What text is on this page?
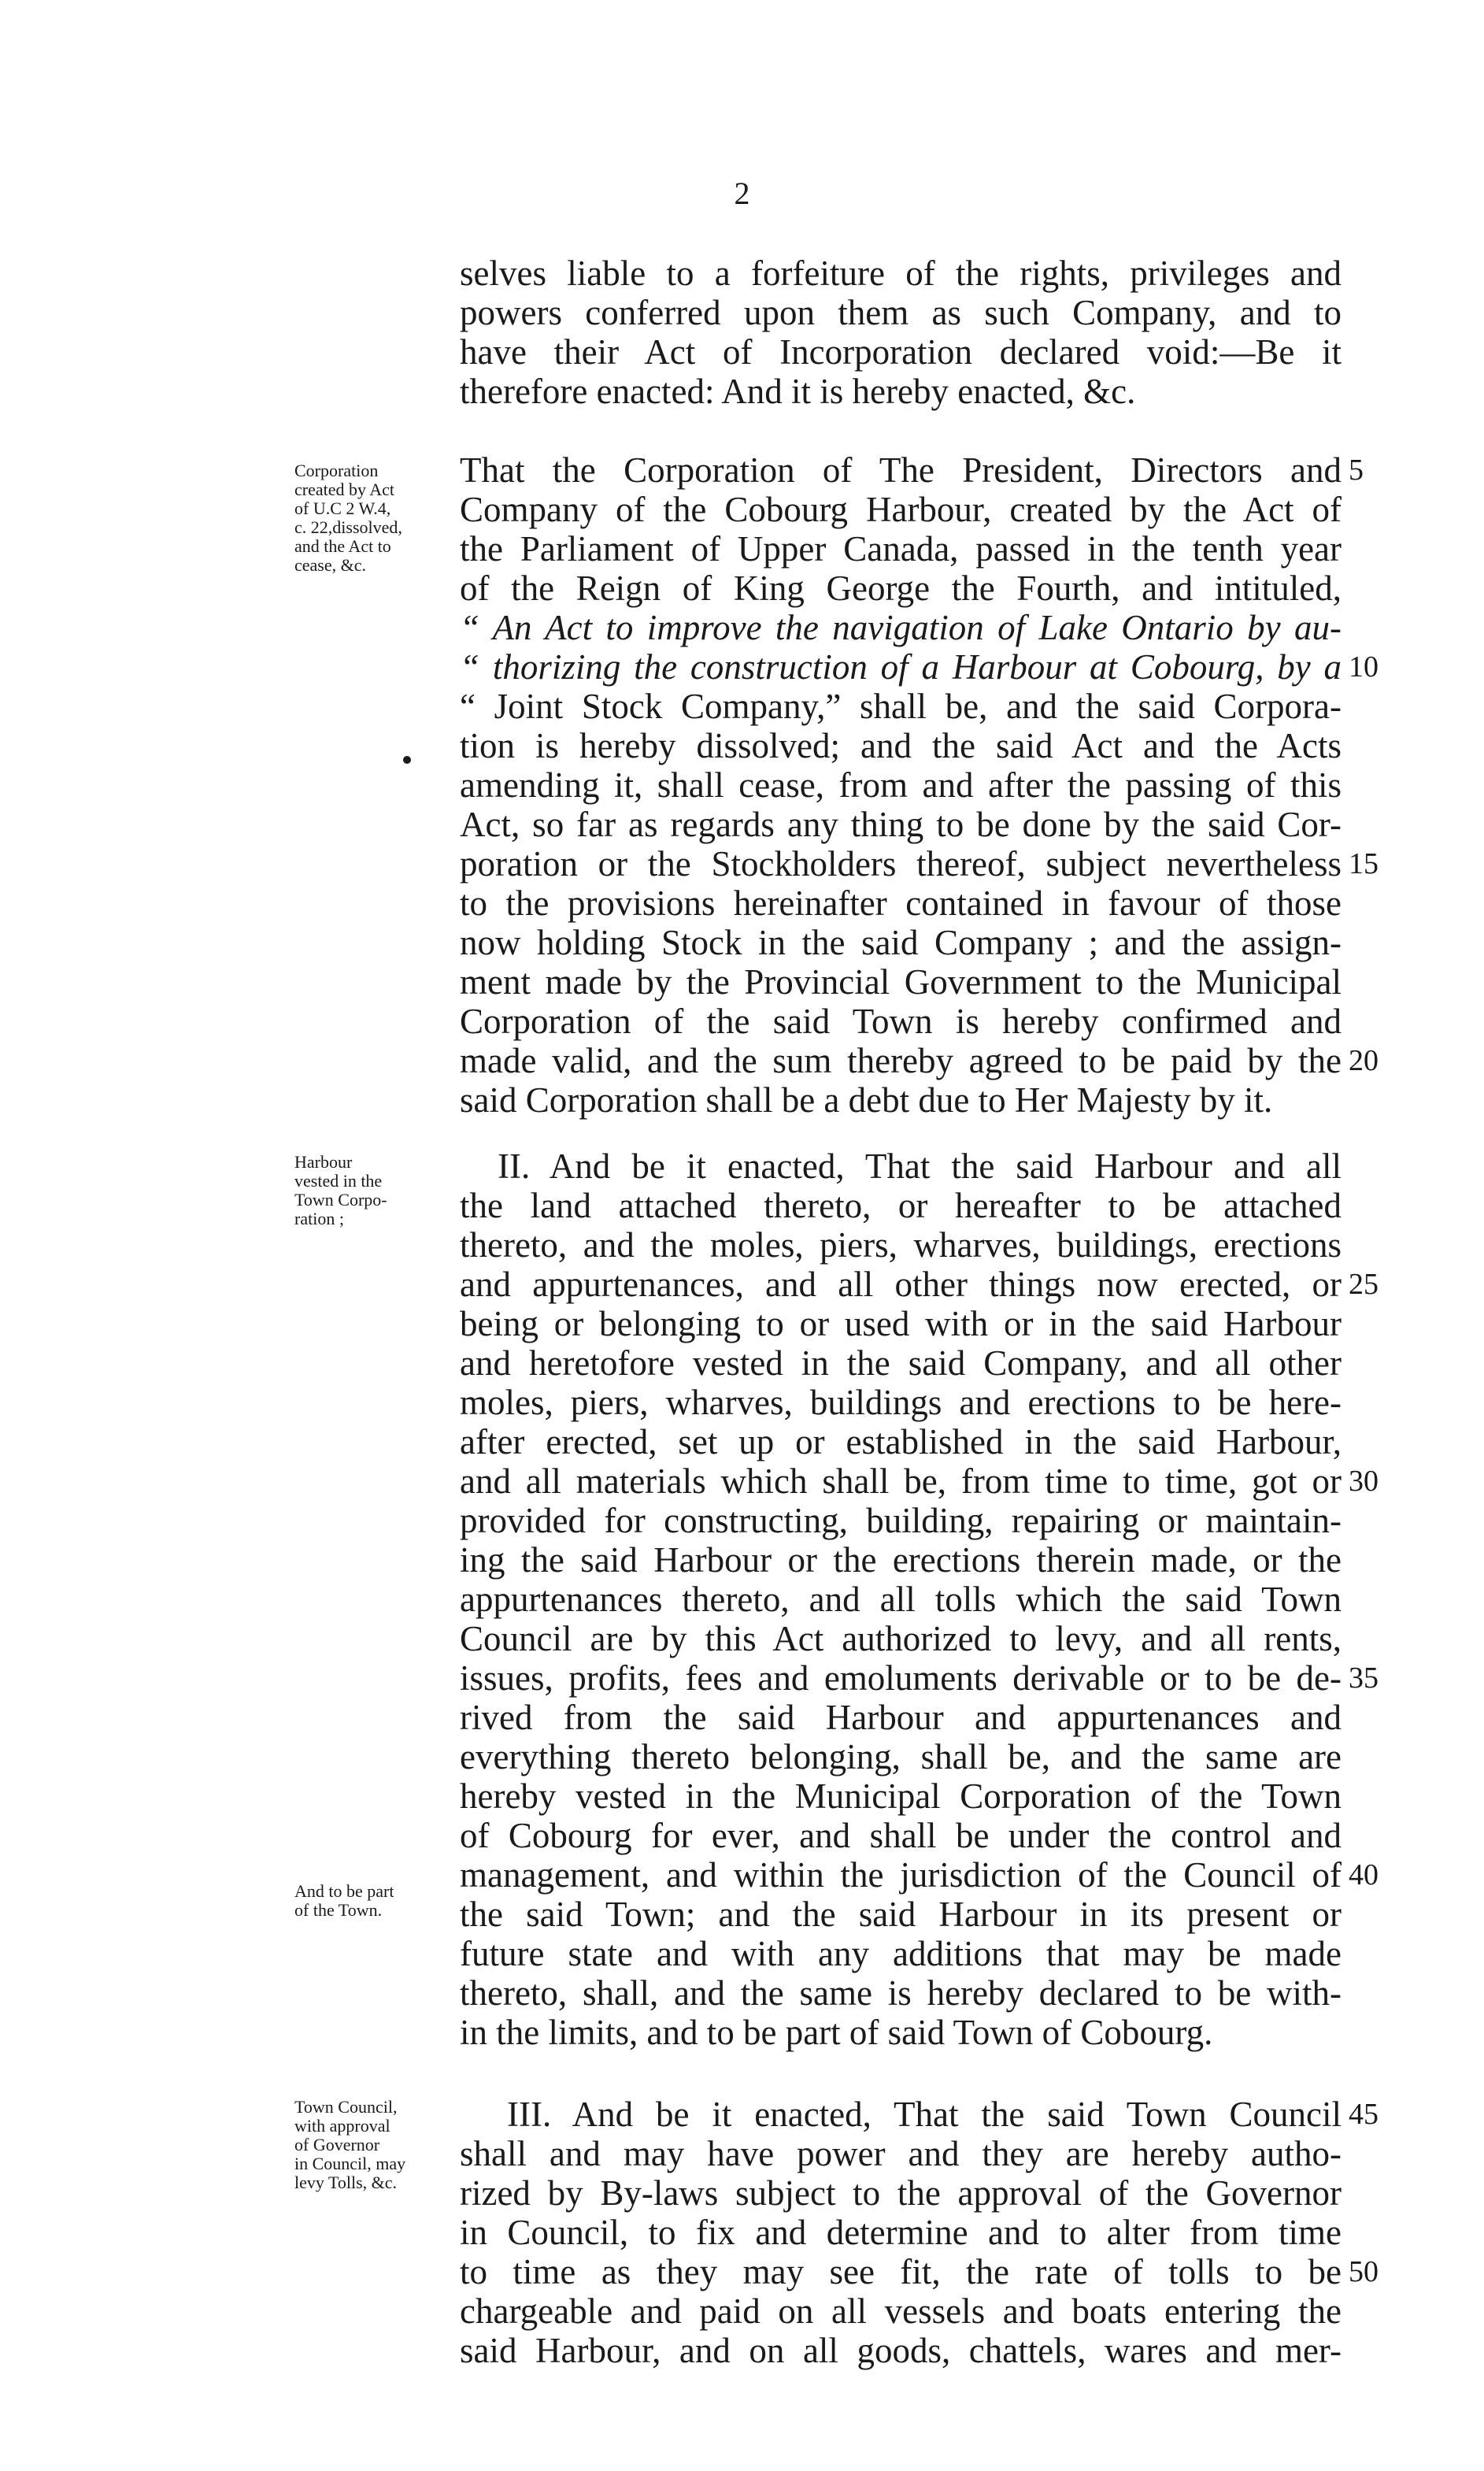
2
Corporation
created by Act
of U.C 2 W.4,
c. 22,dissolved,
and the Act to
cease, &c.
Harbour
vested in the
Town Corpo-
ration ;
And to be part
of the Town.
Town Council,
with approval
of Governor
in Council, may
levy Tolls, &c.
selves liable to a forfeiture of the rights, privileges and
powers conferred upon them as such Company, and to
have their Act of Incorporation declared void:—Be it
therefore enacted: And it is hereby enacted, &c.
That the Corporation of The President, Directors and
Company of the Cobourg Harbour, created by the Act of
the Parliament of Upper Canada, passed in the tenth year
of the Reign of King George the Fourth, and intituled,
“ An Act to improve the navigation of Lake Ontario by au-
“ thorizing the construction of a Harbour at Cobourg, by a
“ Joint Stock Company,” shall be, and the said Corpora-
tion is hereby dissolved; and the said Act and the Acts
amending it, shall cease, from and after the passing of this
Act, so far as regards any thing to be done by the said Cor-
poration or the Stockholders thereof, subject nevertheless
to the provisions hereinafter contained in favour of those
now holding Stock in the said Company ; and the assign-
ment made by the Provincial Government to the Municipal
Corporation of the said Town is hereby confirmed and
made valid, and the sum thereby agreed to be paid by the
said Corporation shall be a debt due to Her Majesty by it.
II. And be it enacted, That the said Harbour and all
the land attached thereto, or hereafter to be attached
thereto, and the moles, piers, wharves, buildings, erections
and appurtenances, and all other things now erected, or
being or belonging to or used with or in the said Harbour
and heretofore vested in the said Company, and all other
moles, piers, wharves, buildings and erections to be here-
after erected, set up or established in the said Harbour,
and all materials which shall be, from time to time, got or
provided for constructing, building, repairing or maintain-
ing the said Harbour or the erections therein made, or the
appurtenances thereto, and all tolls which the said Town
Council are by this Act authorized to levy, and all rents,
issues, profits, fees and emoluments derivable or to be de-
rived from the said Harbour and appurtenances and
everything thereto belonging, shall be, and the same are
hereby vested in the Municipal Corporation of the Town
of Cobourg for ever, and shall be under the control and
management, and within the jurisdiction of the Council of
the said Town; and the said Harbour in its present or
future state and with any additions that may be made
thereto, shall, and the same is hereby declared to be with-
in the limits, and to be part of said Town of Cobourg.
III. And be it enacted, That the said Town Council
shall and may have power and they are hereby autho-
rized by By-laws subject to the approval of the Governor
in Council, to fix and determine and to alter from time
to time as they may see fit, the rate of tolls to be
chargeable and paid on all vessels and boats entering the
said Harbour, and on all goods, chattels, wares and mer-
5
10
15
20
25
30
35
40
45
50
